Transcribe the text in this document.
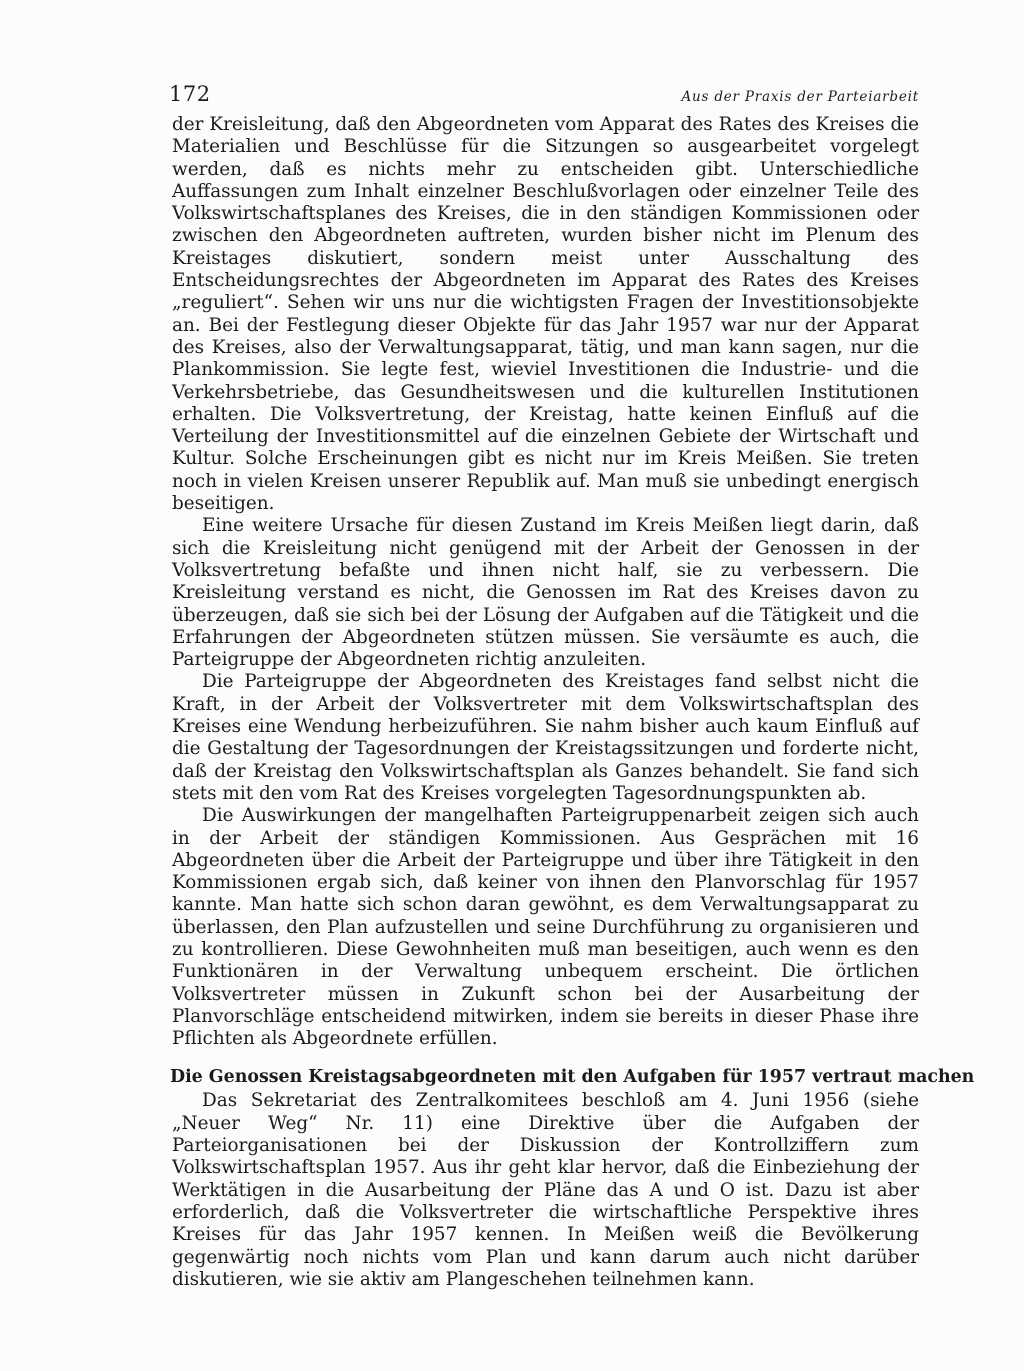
172	Aus der Praxis der Parteiarbeit

der Kreisleitung, daß den Abgeordneten vom Apparat des Rates des Kreises die Materialien und Beschlüsse für die Sitzungen so ausgearbeitet vorgelegt werden, daß es nichts mehr zu entscheiden gibt. Unterschiedliche Auffassungen zum Inhalt einzelner Beschlußvorlagen oder einzelner Teile des Volkswirtschaftsplanes des Kreises, die in den ständigen Kommissionen oder zwischen den Abgeordneten auftreten, wurden bisher nicht im Plenum des Kreistages diskutiert, sondern meist unter Ausschaltung des Entscheidungsrechtes der Abgeordneten im Apparat des Rates des Kreises „reguliert“. Sehen wir uns nur die wichtigsten Fragen der Investitionsobjekte an. Bei der Festlegung dieser Objekte für das Jahr 1957 war nur der Apparat des Kreises, also der Verwaltungsapparat, tätig, und man kann sagen, nur die Plankommission. Sie legte fest, wieviel Investitionen die Industrie- und die Verkehrsbetriebe, das Gesundheitswesen und die kulturellen Institutionen erhalten. Die Volksvertretung, der Kreistag, hatte keinen Einfluß auf die Verteilung der Investitionsmittel auf die einzelnen Gebiete der Wirtschaft und Kultur. Solche Erscheinungen gibt es nicht nur im Kreis Meißen. Sie treten noch in vielen Kreisen unserer Republik auf. Man muß sie unbedingt energisch beseitigen.

Eine weitere Ursache für diesen Zustand im Kreis Meißen liegt darin, daß sich die Kreisleitung nicht genügend mit der Arbeit der Genossen in der Volksvertretung befaßte und ihnen nicht half, sie zu verbessern. Die Kreisleitung verstand es nicht, die Genossen im Rat des Kreises davon zu überzeugen, daß sie sich bei der Lösung der Aufgaben auf die Tätigkeit und die Erfahrungen der Abgeordneten stützen müssen. Sie versäumte es auch, die Parteigruppe der Abgeordneten richtig anzuleiten.

Die Parteigruppe der Abgeordneten des Kreistages fand selbst nicht die Kraft, in der Arbeit der Volksvertreter mit dem Volkswirtschaftsplan des Kreises eine Wendung herbeizuführen. Sie nahm bisher auch kaum Einfluß auf die Gestaltung der Tagesordnungen der Kreistagssitzungen und forderte nicht, daß der Kreistag den Volkswirtschaftsplan als Ganzes behandelt. Sie fand sich stets mit den vom Rat des Kreises vorgelegten Tagesordnungspunkten ab.

Die Auswirkungen der mangelhaften Parteigruppenarbeit zeigen sich auch in der Arbeit der ständigen Kommissionen. Aus Gesprächen mit 16 Abgeordneten über die Arbeit der Parteigruppe und über ihre Tätigkeit in den Kommissionen ergab sich, daß keiner von ihnen den Planvorschlag für 1957 kannte. Man hatte sich schon daran gewöhnt, es dem Verwaltungsapparat zu überlassen, den Plan aufzustellen und seine Durchführung zu organisieren und zu kontrollieren. Diese Gewohnheiten muß man beseitigen, auch wenn es den Funktionären in der Verwaltung unbequem erscheint. Die örtlichen Volksvertreter müssen in Zukunft schon bei der Ausarbeitung der Planvorschläge entscheidend mitwirken, indem sie bereits in dieser Phase ihre Pflichten als Abgeordnete erfüllen.

Die Genossen Kreistagsabgeordneten mit den Aufgaben für 1957 vertraut machen

Das Sekretariat des Zentralkomitees beschloß am 4. Juni 1956 (siehe „Neuer Weg“ Nr. 11) eine Direktive über die Aufgaben der Parteiorganisationen bei der Diskussion der Kontrollziffern zum Volkswirtschaftsplan 1957. Aus ihr geht klar hervor, daß die Einbeziehung der Werktätigen in die Ausarbeitung der Pläne das A und O ist. Dazu ist aber erforderlich, daß die Volksvertreter die wirtschaftliche Perspektive ihres Kreises für das Jahr 1957 kennen. In Meißen weiß die Bevölkerung gegenwärtig noch nichts vom Plan und kann darum auch nicht darüber diskutieren, wie sie aktiv am Plangeschehen teilnehmen kann.
